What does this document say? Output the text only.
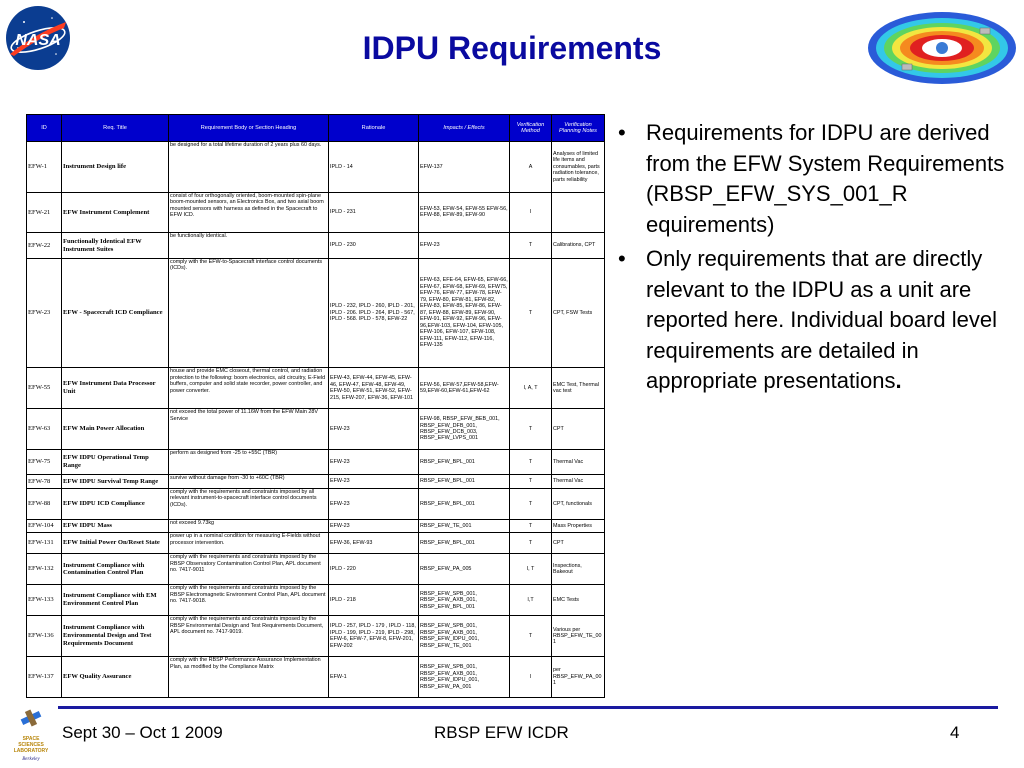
NASA	IDPU Requirements
ID	Req. Title	Requirement Body or Section Heading	Rationale	Impacts / Effects	Verification Method	Verification Planning Notes
EFW-1	Instrument Design life	be designed for a total lifetime duration of 2 years plus 60 days.	IPLD - 14	EFW-137	A	Analyses of limited life items and consumables, parts radiation tolerance, parts reliability
EFW-21	EFW Instrument Complement	consist of four orthogonally oriented, boom-mounted spin-plane boom-mounted sensors, an Electronics Box, and two axial boom mounted sensors with harness as defined in the Spacecraft to EFW ICD.	IPLD - 231	EFW-53, EFW-54, EFW-55 EFW-56, EFW-88, EFW-89, EFW-90	I	
EFW-22	Functionally Identical EFW Instrument Suites	be functionally identical.	IPLD - 230	EFW-23	T	Calibrations, CPT
EFW-23	EFW - Spacecraft ICD Compliance	comply with the EFW-to-Spacecraft interface control documents (ICDs).	IPLD - 232, IPLD - 260, IPLD - 201, IPLD - 206. IPLD - 264, IPLD - 567, IPLD - 568. IPLD - 578, EFW-22	EFW-63, EFE-64, EFW-65, EFW-66, EFW-67, EFW-68, EFW-69, EFW75, EFW-76, EFW-77, EFW-78, EFW-79, EFW-80, EFW-81, EFW-82, EFW-83, EFW-85, EFW-86, EFW-87, EFW-88, EFW-89, EFW-90, EFW-91, EFW-92, EFW-96, EFW-96,EFW-103, EFW-104, EFW-105, EFW-106, EFW-107, EFW-108, EFW-111, EFW-112, EFW-116, EFW-135	T	CPT, FSW Tests
EFW-55	EFW Instrument Data Processor Unit	house and provide EMC closeout, thermal control, and radiation protection to the following: boom electronics, a/d circuitry, E-Field buffers, computer and solid state recorder, power controller, and power converter.	EFW-43, EFW-44, EFW-45, EFW-46, EFW-47, EFW-48, EFW-49, EFW-50, EFW-51, EFW-52, EFW-215, EFW-207, EFW-36, EFW-101	EFW-56, EFW-57,EFW-58,EFW-59,EFW-60,EFW-61,EFW-62	I, A, T	EMC Test, Thermal vac test
EFW-63	EFW Main Power Allocation	not exceed the total power of 11.16W from the EFW Main 28V Service	EFW-23	EFW-98, RBSP_EFW_BEB_001, RBSP_EFW_DFB_001, RBSP_EFW_DCB_003, RBSP_EFW_LVPS_001	T	CPT
EFW-75	EFW IDPU Operational Temp Range	perform as designed from -25 to +55C (TBR)	EFW-23	RBSP_EFW_BPL_001	T	Thermal Vac
EFW-78	EFW IDPU Survival Temp Range	survive without damage from -30 to +60C (TBR)	EFW-23	RBSP_EFW_BPL_001	T	Thermal Vac
EFW-88	EFW IDPU ICD Compliance	comply with the requirements and constraints imposed by all relevant instrument-to-spacecraft interface control documents (ICDs).	EFW-23	RBSP_EFW_BPL_001	T	CPT, functionals
EFW-104	EFW IDPU Mass	not exceed 9.73kg	EFW-23	RBSP_EFW_TE_001	T	Mass Properties
EFW-131	EFW Initial Power On/Reset State	power up in a nominal condition for measuring E-Fields without processor intervention.	EFW-36, EFW-93	RBSP_EFW_BPL_001	T	CPT
EFW-132	Instrument Compliance with Contamination Control Plan	comply with the requirements and constraints imposed by the RBSP Observatory Contamination Control Plan, APL document no. 7417-9011	IPLD - 220	RBSP_EFW_PA_005	I, T	Inspections, Bakeout
EFW-133	Instrument Compliance with EM Environment Control Plan	comply with the requirements and constraints imposed by the RBSP Electromagnetic Environment Control Plan, APL document no. 7417-9018.	IPLD - 218	RBSP_EFW_SPB_001, RBSP_EFW_AXB_001, RBSP_EFW_BPL_001	I,T	EMC Tests
EFW-136	Instrument Compliance with Environmental Design and Test Requirements Document	comply with the requirements and constraints imposed by the RBSP Environmental Design and Test Requirements Document, APL document no. 7417-9019.	IPLD - 257, IPLD - 179 , IPLD - 118, IPLD - 199, IPLD - 219, IPLD - 298, EFW-6, EFW-7, EFW-8, EFW-201, EFW-202	RBSP_EFW_SPB_001, RBSP_EFW_AXB_001, RBSP_EFW_IDPU_001, RBSP_EFW_TE_001	T	Various per RBSP_EFW_TE_001
EFW-137	EFW Quality Assurance	comply with the RBSP Performance Assurance Implementation Plan, as modified by the Compliance Matrix	EFW-1	RBSP_EFW_SPB_001, RBSP_EFW_AXB_001, RBSP_EFW_IDPU_001, RBSP_EFW_PA_001	I	per RBSP_EFW_PA_001
• Requirements for IDPU are derived from the EFW System Requirements (RBSP_EFW_SYS_001_R equirements)
• Only requirements that are directly relevant to the IDPU as a unit are reported here. Individual board level requirements are detailed in appropriate presentations.
SPACE
SCIENCES
LABORATORY
Berkeley
Sept 30 – Oct 1 2009	RBSP EFW ICDR	4
